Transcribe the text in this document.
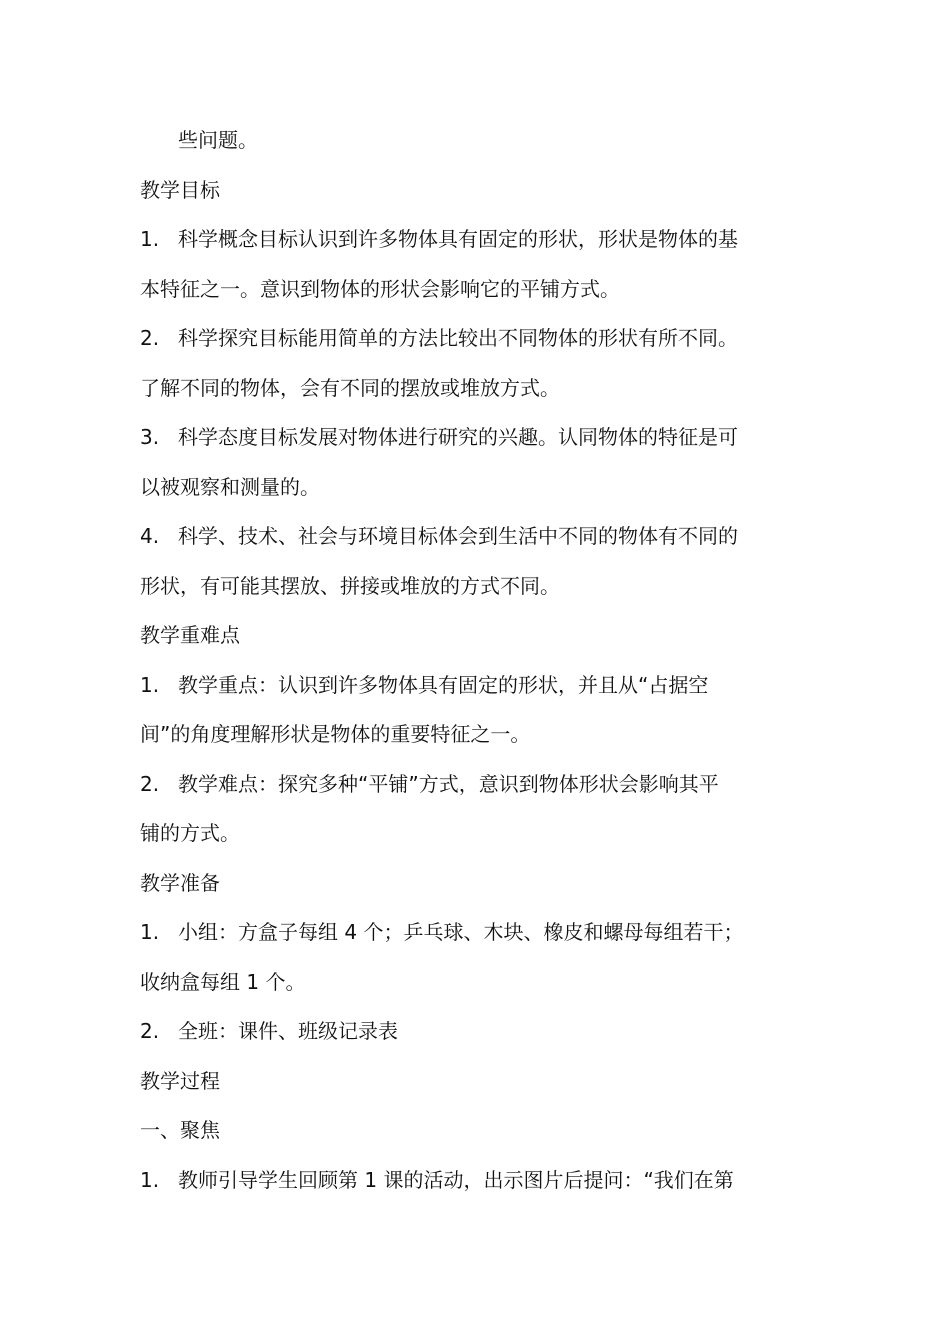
些问题。
教学目标
1. 科学概念目标认识到许多物体具有固定的形状，形状是物体的基
本特征之一。意识到物体的形状会影响它的平铺方式。
2. 科学探究目标能用简单的方法比较出不同物体的形状有所不同。
了解不同的物体，会有不同的摆放或堆放方式。
3. 科学态度目标发展对物体进行研究的兴趣。认同物体的特征是可
以被观察和测量的。
4. 科学、技术、社会与环境目标体会到生活中不同的物体有不同的
形状，有可能其摆放、拼接或堆放的方式不同。
教学重难点
1. 教学重点：认识到许多物体具有固定的形状，并且从“占据空
间”的角度理解形状是物体的重要特征之一。
2. 教学难点：探究多种“平铺”方式，意识到物体形状会影响其平
铺的方式。
教学准备
1. 小组：方盒子每组 4 个；乒乓球、木块、橡皮和螺母每组若干；
收纳盒每组 1 个。
2. 全班：课件、班级记录表
教学过程
一、聚焦
1. 教师引导学生回顾第 1 课的活动，出示图片后提问：“我们在第
